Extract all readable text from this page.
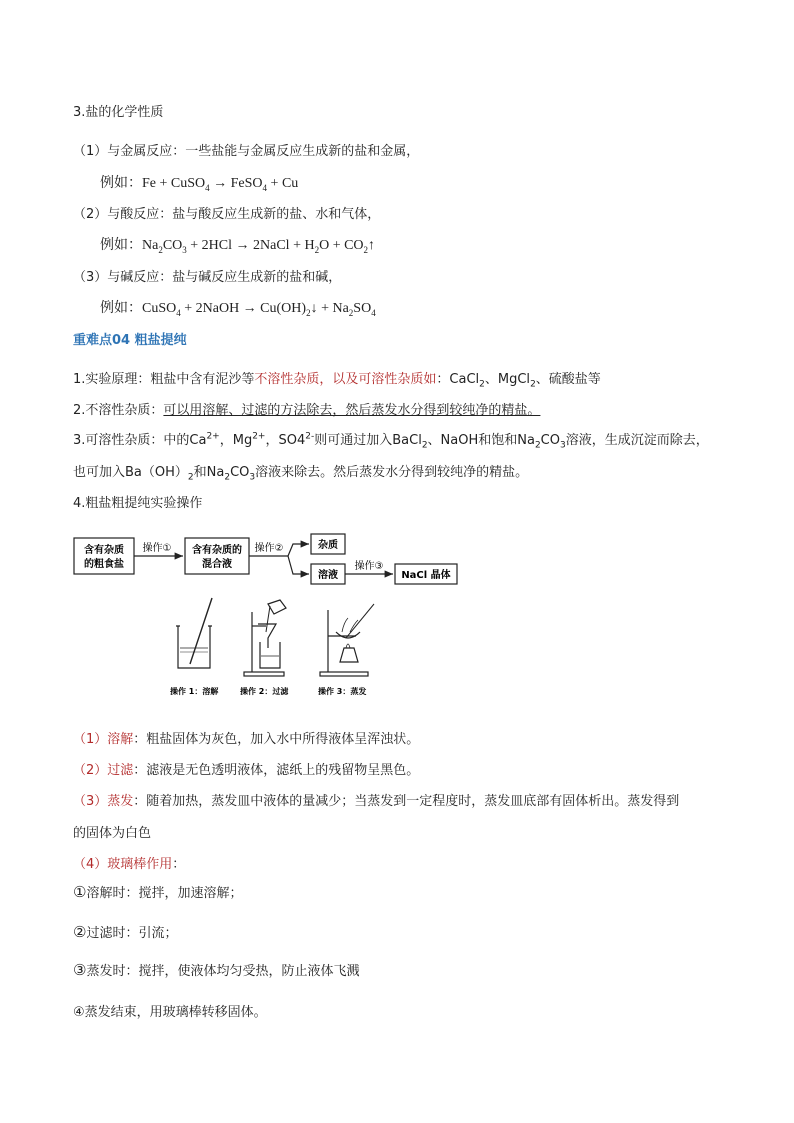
3.盐的化学性质
（1）与金属反应：一些盐能与金属反应生成新的盐和金属，
例如：Fe + CuSO$_4$ → FeSO$_4$ + Cu
（2）与酸反应：盐与酸反应生成新的盐、水和气体，
例如：$Na_2CO_3 + 2HCl$ → 2NaCl + $H_2O$ + $CO_2↑$
（3）与碱反应：盐与碱反应生成新的盐和碱，
例如：CuSO$_4$ + 2NaOH → $Cu(OH)_2↓ + Na_2SO_4$
重难点04 粗盐提纯
1.实验原理：粗盐中含有泥沙等不溶性杂质，以及可溶性杂质如：CaCl$_2$、MgCl$_2$、硫酸盐等
2.不溶性杂质：可以用溶解、过滤的方法除去，然后蒸发水分得到较纯净的精盐。
3.可溶性杂质：中的$Ca^{2+}$，$Mg^{2+}$，$SO4^{2-}$则可通过加入BaCl$_2$、NaOH和饱和$Na_2CO_3$溶液，生成沉淀而除去，
也可加入$Ba(OH)_2$和$Na_2CO_3$溶液来除去。然后蒸发水分得到较纯净的精盐。
4.粗盐粗提纯实验操作
含有杂质
的粗食盐
操作① 含有杂质的
混合液
操作②	杂质
溶液
操作③
NaCl 晶体
操作 1：溶解	操作 2：过滤	操作 3：蒸发
（1）溶解：粗盐固体为灰色，加入水中所得液体呈浑浊状。
（2）过滤：滤液是无色透明液体，滤纸上的残留物呈黑色。
（3）蒸发：随着加热，蒸发皿中液体的量减少；当蒸发到一定程度时，蒸发皿底部有固体析出。蒸发得到
的固体为白色
（4）玻璃棒作用：
①溶解时：搅拌，加速溶解；
②过滤时：引流；
③蒸发时：搅拌，使液体均匀受热，防止液体飞溅
④蒸发结束，用玻璃棒转移固体。
